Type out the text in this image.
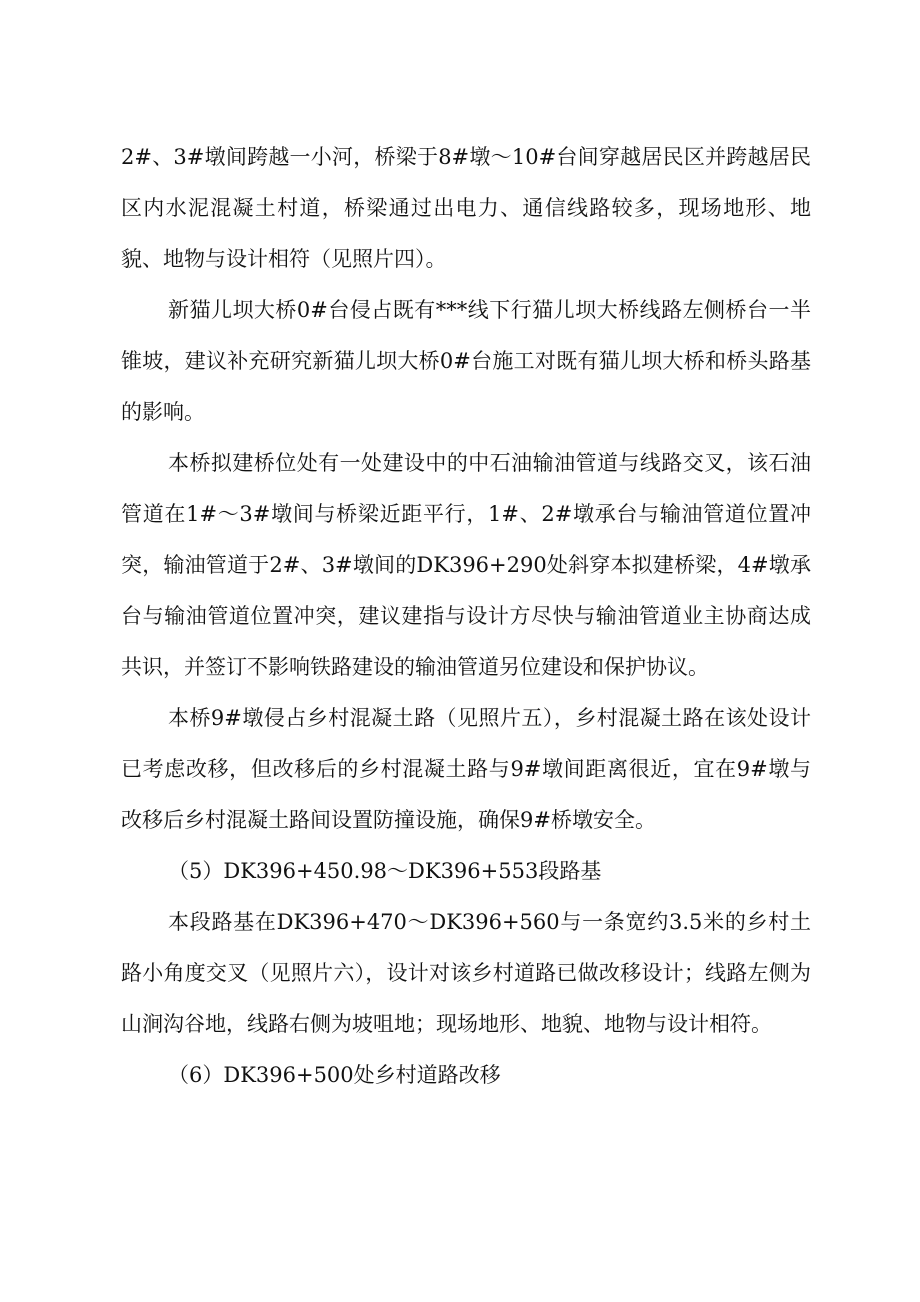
2#、3#墩间跨越一小河，桥梁于8#墩～10#台间穿越居民区并跨越居民区内水泥混凝土村道，桥梁通过出电力、通信线路较多，现场地形、地貌、地物与设计相符（见照片四）。

新猫儿坝大桥0#台侵占既有***线下行猫儿坝大桥线路左侧桥台一半锥坡，建议补充研究新猫儿坝大桥0#台施工对既有猫儿坝大桥和桥头路基的影响。

本桥拟建桥位处有一处建设中的中石油输油管道与线路交叉，该石油管道在1#～3#墩间与桥梁近距平行，1#、2#墩承台与输油管道位置冲突，输油管道于2#、3#墩间的DK396+290处斜穿本拟建桥梁，4#墩承台与输油管道位置冲突，建议建指与设计方尽快与输油管道业主协商达成共识，并签订不影响铁路建设的输油管道另位建设和保护协议。

本桥9#墩侵占乡村混凝土路（见照片五），乡村混凝土路在该处设计已考虑改移，但改移后的乡村混凝土路与9#墩间距离很近，宜在9#墩与改移后乡村混凝土路间设置防撞设施，确保9#桥墩安全。

（5）DK396+450.98～DK396+553段路基

本段路基在DK396+470～DK396+560与一条宽约3.5米的乡村土路小角度交叉（见照片六），设计对该乡村道路已做改移设计；线路左侧为山涧沟谷地，线路右侧为坡咀地；现场地形、地貌、地物与设计相符。

（6）DK396+500处乡村道路改移
